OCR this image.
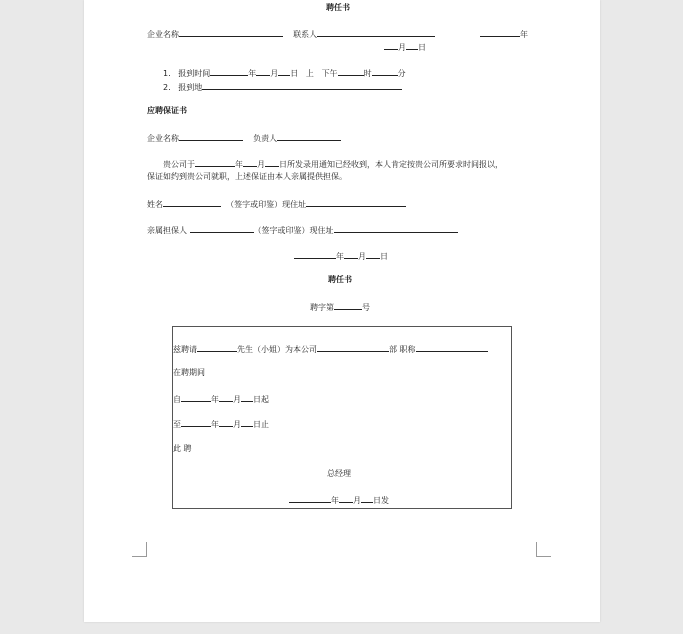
聘任书
企业名称	联系人	年
月 日
1. 报到时间	年 月 日 上 下午	时	分
2. 报到地
应聘保证书
企业名称	负责人
贵公司于	年 月 日所发录用通知已经收到，本人肯定按贵公司所要求时间报以，
保证如约到贵公司就职，上述保证由本人亲属提供担保。
姓名	（签字或印鉴）现住址
亲属担保人	（签字或印鉴）现住址
年 月 日
聘任书
聘字第	号
兹聘请	先生（小姐）为本公司	部 职称
在聘期间
自	年 月 日起
至	年 月 日止
此 聘
总经理
年 月 日发
